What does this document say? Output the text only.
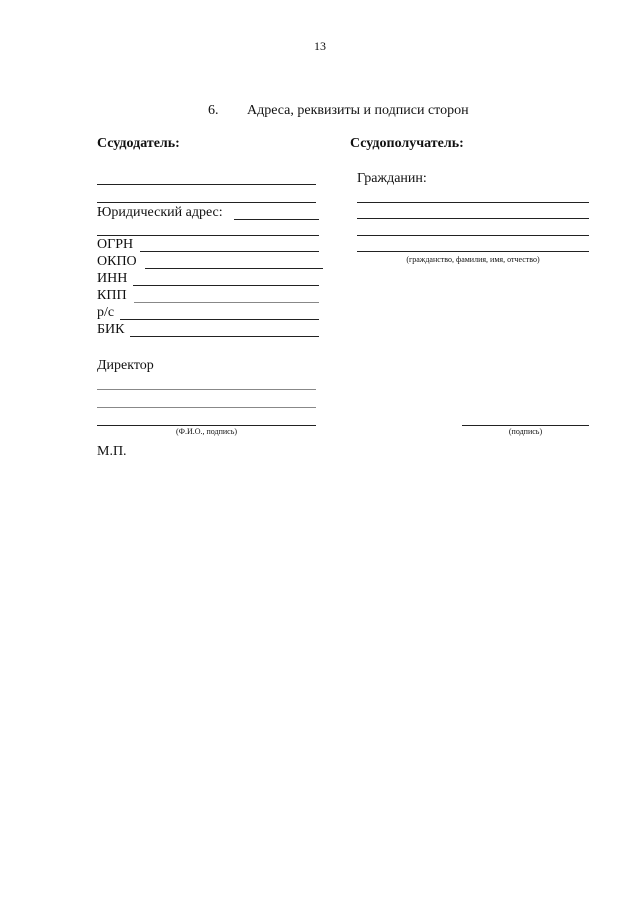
13
6. Адреса, реквизиты и подписи сторон
Ссудодатель:
Юридический адрес:
ОГРН
ОКПО
ИНН
КПП
р/с
БИК
Директор
(Ф.И.О., подпись)
М.П.
Ссудополучатель:
Гражданин:
(гражданство, фамилия, имя, отчество)
(подпись)
